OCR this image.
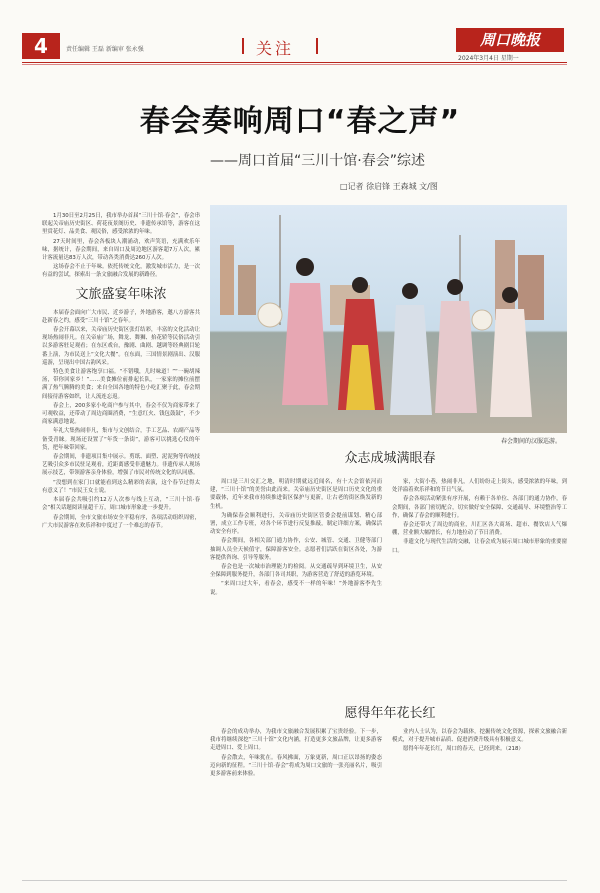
4	责任编辑 王磊 新编审 张永强	关注	周口晚报
2024年3月4日 星期一
春会奏响周口“春之声”
——周口首届“三川十馆·春会”综述
□记者 徐启锋 王森城 文/图

1月30日至2月25日，我市举办首届“三川十馆·春会”，春会串联起关帝庙历史街区、荷花夜景阁历史、非遗传承馆等，游客在这里赏花灯、品美食、观民俗，感受浓浓的年味。

27天时间里，春会各板块人潮涌动，欢声笑语，充满欢乐年味，据统计，春会期间，来自周口及周边地区游客超7万人次，累计客流量达83万人次，带动各类消费达260万人次。

这场春会不止于年味。依托传统文化，激发城市活力，是一次有益的尝试，探索出一条文旅融合发展的新路径。

文旅盛宴年味浓

本届春会面向广大市民、近乡游子，外地游客，邀八方游客共赴新春之约，感受“三川十馆”之春年。

春会开幕以来，关帝庙历史街区张灯结彩，丰富的文化活动让现场热闹非凡。在关帝庙广场，舞龙、舞狮、抬花轿等民俗活动引以多游客驻足观看；在东区戏台，豫剧、曲剧、越调等经典剧目轮番上演，为市民送上“文化大餐”。在东面，三国情景剧演出、汉服巡游，呈现出中国古韵风采。

特色美食让游客饱享口福。“不错哦，儿时味道！”“一碗胡辣汤，带你回家乡！”……美食摊位前排起长队，一家家的摊位前摆满了热气腾腾的美食；来自全国各地的特色小吃汇聚于此，春会期间接待游客如织，让人流连忘返。

春会上，200多家小吃商户参与其中，春会不仅为商家带来了可观收益，还带动了周边商圈消费，“生意红火、钱包鼓鼓”，不少商家满意地说。

年礼大集热闹非凡，集市与文创结合，手工艺品、农副产品等备受青睐。现场还设置了“年货一条街”，游客可以挑选心仪的年货，把年味带回家。

春会期间，非遗项目集中展示。剪纸、面塑、泥泥狗等传统技艺吸引众多市民驻足观看，近距离感受非遗魅力。非遗传承人现场展示技艺，带领游客亲身体验，增强了市民对传统文化的认同感。

“没想到在家门口就能看到这么精彩的表演，这个春节过得太有意义了！”市民王女士说。

本届春会共吸引约12万人次参与线上互动，“三川十馆·春会”相关话题阅读量超千万，周口城市形象进一步提升。

春会期间，全市文旅市场安全平稳有序，各项活动组织周密，广大市民游客在欢乐祥和中度过了一个难忘的春节。

春会期间的汉服巡游。
众志成城满眼春

周口是三川交汇之地，明清时期就远近闻名，有十大会馆依河而建，“三川十馆”的美誉由此而来。关帝庙历史街区是周口历史文化的重要载体，近年来我市持续推进街区保护与更新，让古老的街区焕发新的生机。

为确保春会顺利进行，关帝庙历史街区管委会提前谋划、精心部署，成立工作专班，对各个环节进行反复推敲，制定详细方案，确保活动安全有序。

春会期间，各相关部门通力协作，公安、城管、交通、卫健等部门抽调人员全天候值守，保障游客安全。志愿者们活跃在街区各处，为游客提供咨询、引导等服务。

春会也是一次城市治理能力的检阅。从交通疏导到环境卫生，从安全保障到服务提升，各部门各司其职，为游客营造了舒适的游览环境。

“来周口过大年，看春会，感受不一样的年味！”外地游客李先生说。

家，大街小巷，热闹非凡，人们纷纷走上街头，感受浓浓的年味，到处洋溢着欢乐祥和的节日气氛。

春会各项活动紧张有序开展，有赖于各单位、各部门的通力协作，春会期间，各部门密切配合，切实做好安全保障、交通疏导、环境整治等工作，确保了春会的顺利进行。

春会还带火了周边的商业，川汇区各大商场、超市、餐饮店人气爆棚，营业额大幅增长，有力地拉动了节日消费。

非遗文化与现代生活的交融，让春会成为展示周口城市形象的重要窗口。

愿得年年花长红

春会的成功举办，为我市文旅融合发展积累了宝贵经验。下一步，我市将继续深挖“三川十馆”文化内涵，打造更多文旅品牌，让更多游客走进周口、爱上周口。

春会散去，年味犹在。春风拂面，万象更新，周口正以昂扬的姿态迈向新的征程。“三川十馆·春会”将成为周口文旅的一张亮丽名片，吸引更多游客前来体验。

业内人士认为，以春会为载体，挖掘传统文化资源，探索文旅融合新模式，对于提升城市品质、促进消费升级具有积极意义。

愿得年年花长红，周口的春天，已经到来。（218）
